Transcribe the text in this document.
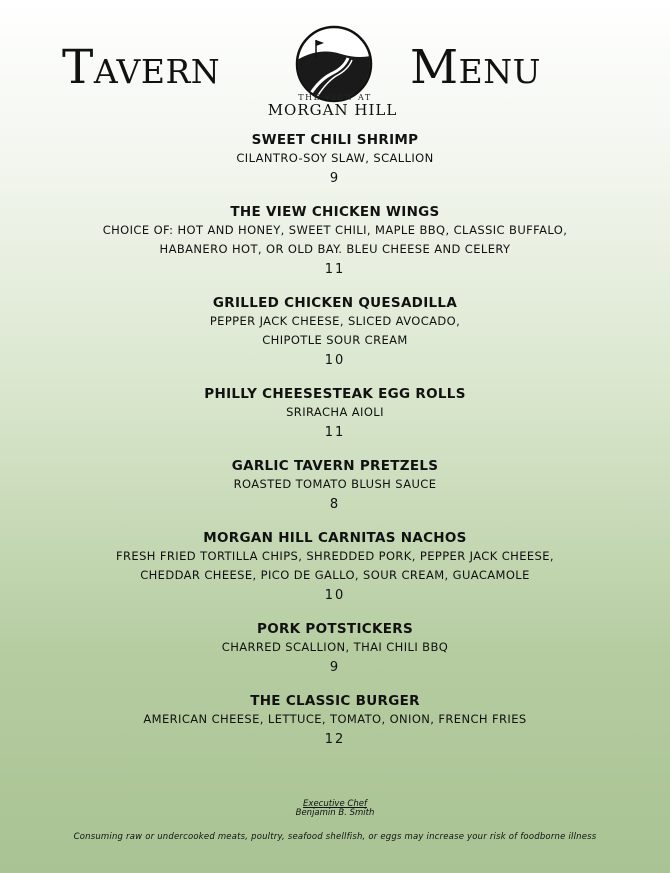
Tavern	Menu
THE VIEW AT
MORGAN HILL
SWEET CHILI SHRIMP
CILANTRO-SOY SLAW, SCALLION
9
THE VIEW CHICKEN WINGS
CHOICE OF: HOT AND HONEY, SWEET CHILI, MAPLE BBQ, CLASSIC BUFFALO,
HABANERO HOT, OR OLD BAY. BLEU CHEESE AND CELERY
11
GRILLED CHICKEN QUESADILLA
PEPPER JACK CHEESE, SLICED AVOCADO,
CHIPOTLE SOUR CREAM
10
PHILLY CHEESESTEAK EGG ROLLS
SRIRACHA AIOLI
11
GARLIC TAVERN PRETZELS
ROASTED TOMATO BLUSH SAUCE
8
MORGAN HILL CARNITAS NACHOS
FRESH FRIED TORTILLA CHIPS, SHREDDED PORK, PEPPER JACK CHEESE,
CHEDDAR CHEESE, PICO DE GALLO, SOUR CREAM, GUACAMOLE
10
PORK POTSTICKERS
CHARRED SCALLION, THAI CHILI BBQ
9
THE CLASSIC BURGER
AMERICAN CHEESE, LETTUCE, TOMATO, ONION, FRENCH FRIES
12
Executive Chef
Benjamin B. Smith
Consuming raw or undercooked meats, poultry, seafood shellfish, or eggs may increase your risk of foodborne illness
